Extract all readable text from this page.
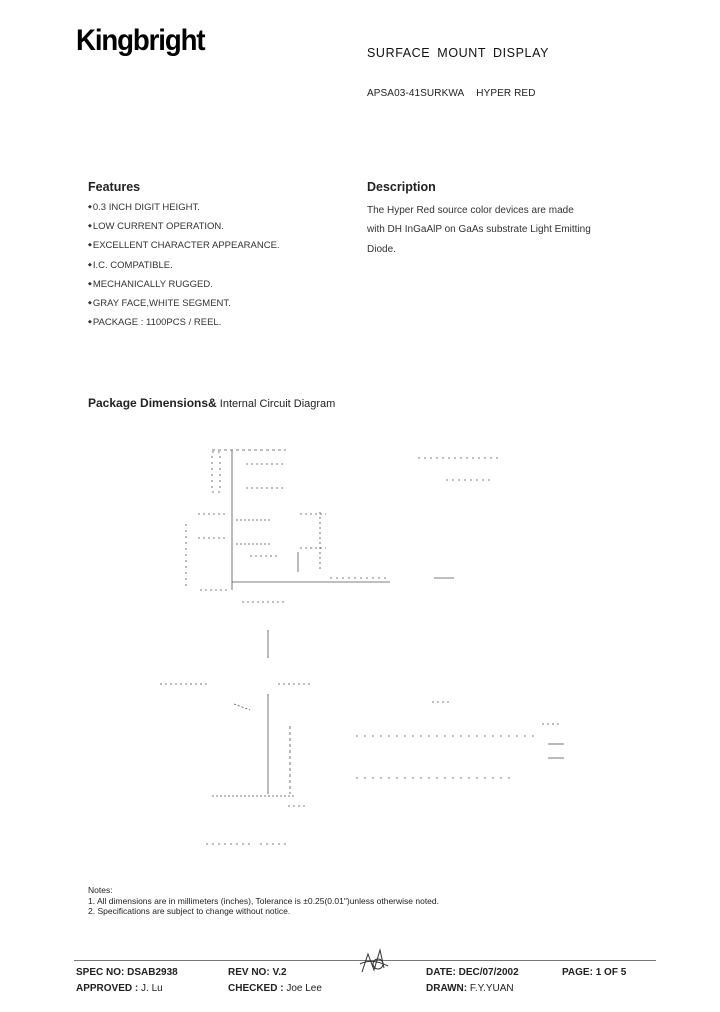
Kingbright	SURFACE MOUNT DISPLAY
APSA03-41SURKWA HYPER RED
Features
◆ 0.3 INCH DIGIT HEIGHT.
◆ LOW CURRENT OPERATION.
◆ EXCELLENT CHARACTER APPEARANCE.
◆ I.C. COMPATIBLE.
◆ MECHANICALLY RUGGED.
◆ GRAY FACE,WHITE SEGMENT.
◆ PACKAGE : 1100PCS / REEL.
Description
The Hyper Red source color devices are made
with DH InGaAlP on GaAs substrate Light Emitting
Diode.
Package Dimensions& Internal Circuit Diagram
Notes:
1. All dimensions are in millimeters (inches), Tolerance is ±0.25(0.01")unless otherwise noted.
2. Specifications are subject to change without notice.
SPEC NO: DSAB2938	REV NO: V.2	DATE: DEC/07/2002	PAGE: 1 OF 5
APPROVED : J. Lu	CHECKED : Joe Lee	DRAWN: F.Y.YUAN
